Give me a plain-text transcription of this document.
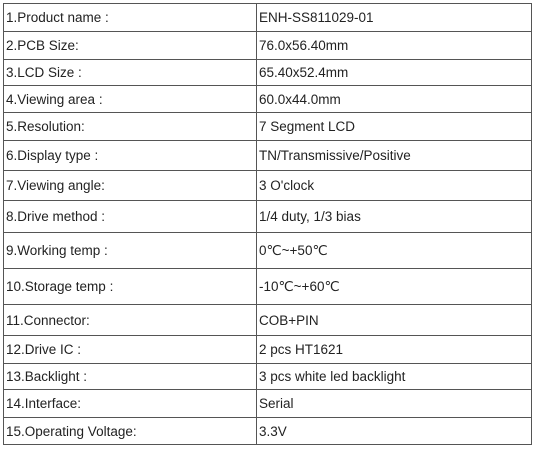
1.Product name :	ENH-SS811029-01
2.PCB Size:	76.0x56.40mm
3.LCD Size :	65.40x52.4mm
4.Viewing area :	60.0x44.0mm
5.Resolution:	7 Segment LCD
6.Display type :	TN/Transmissive/Positive
7.Viewing angle:	3 O'clock
8.Drive method :	1/4 duty, 1/3 bias
9.Working temp :	0℃~+50℃
10.Storage temp :	-10℃~+60℃
11.Connector:	COB+PIN
12.Drive IC :	2 pcs HT1621
13.Backlight :	3 pcs white led backlight
14.Interface:	Serial
15.Operating Voltage:	3.3V
